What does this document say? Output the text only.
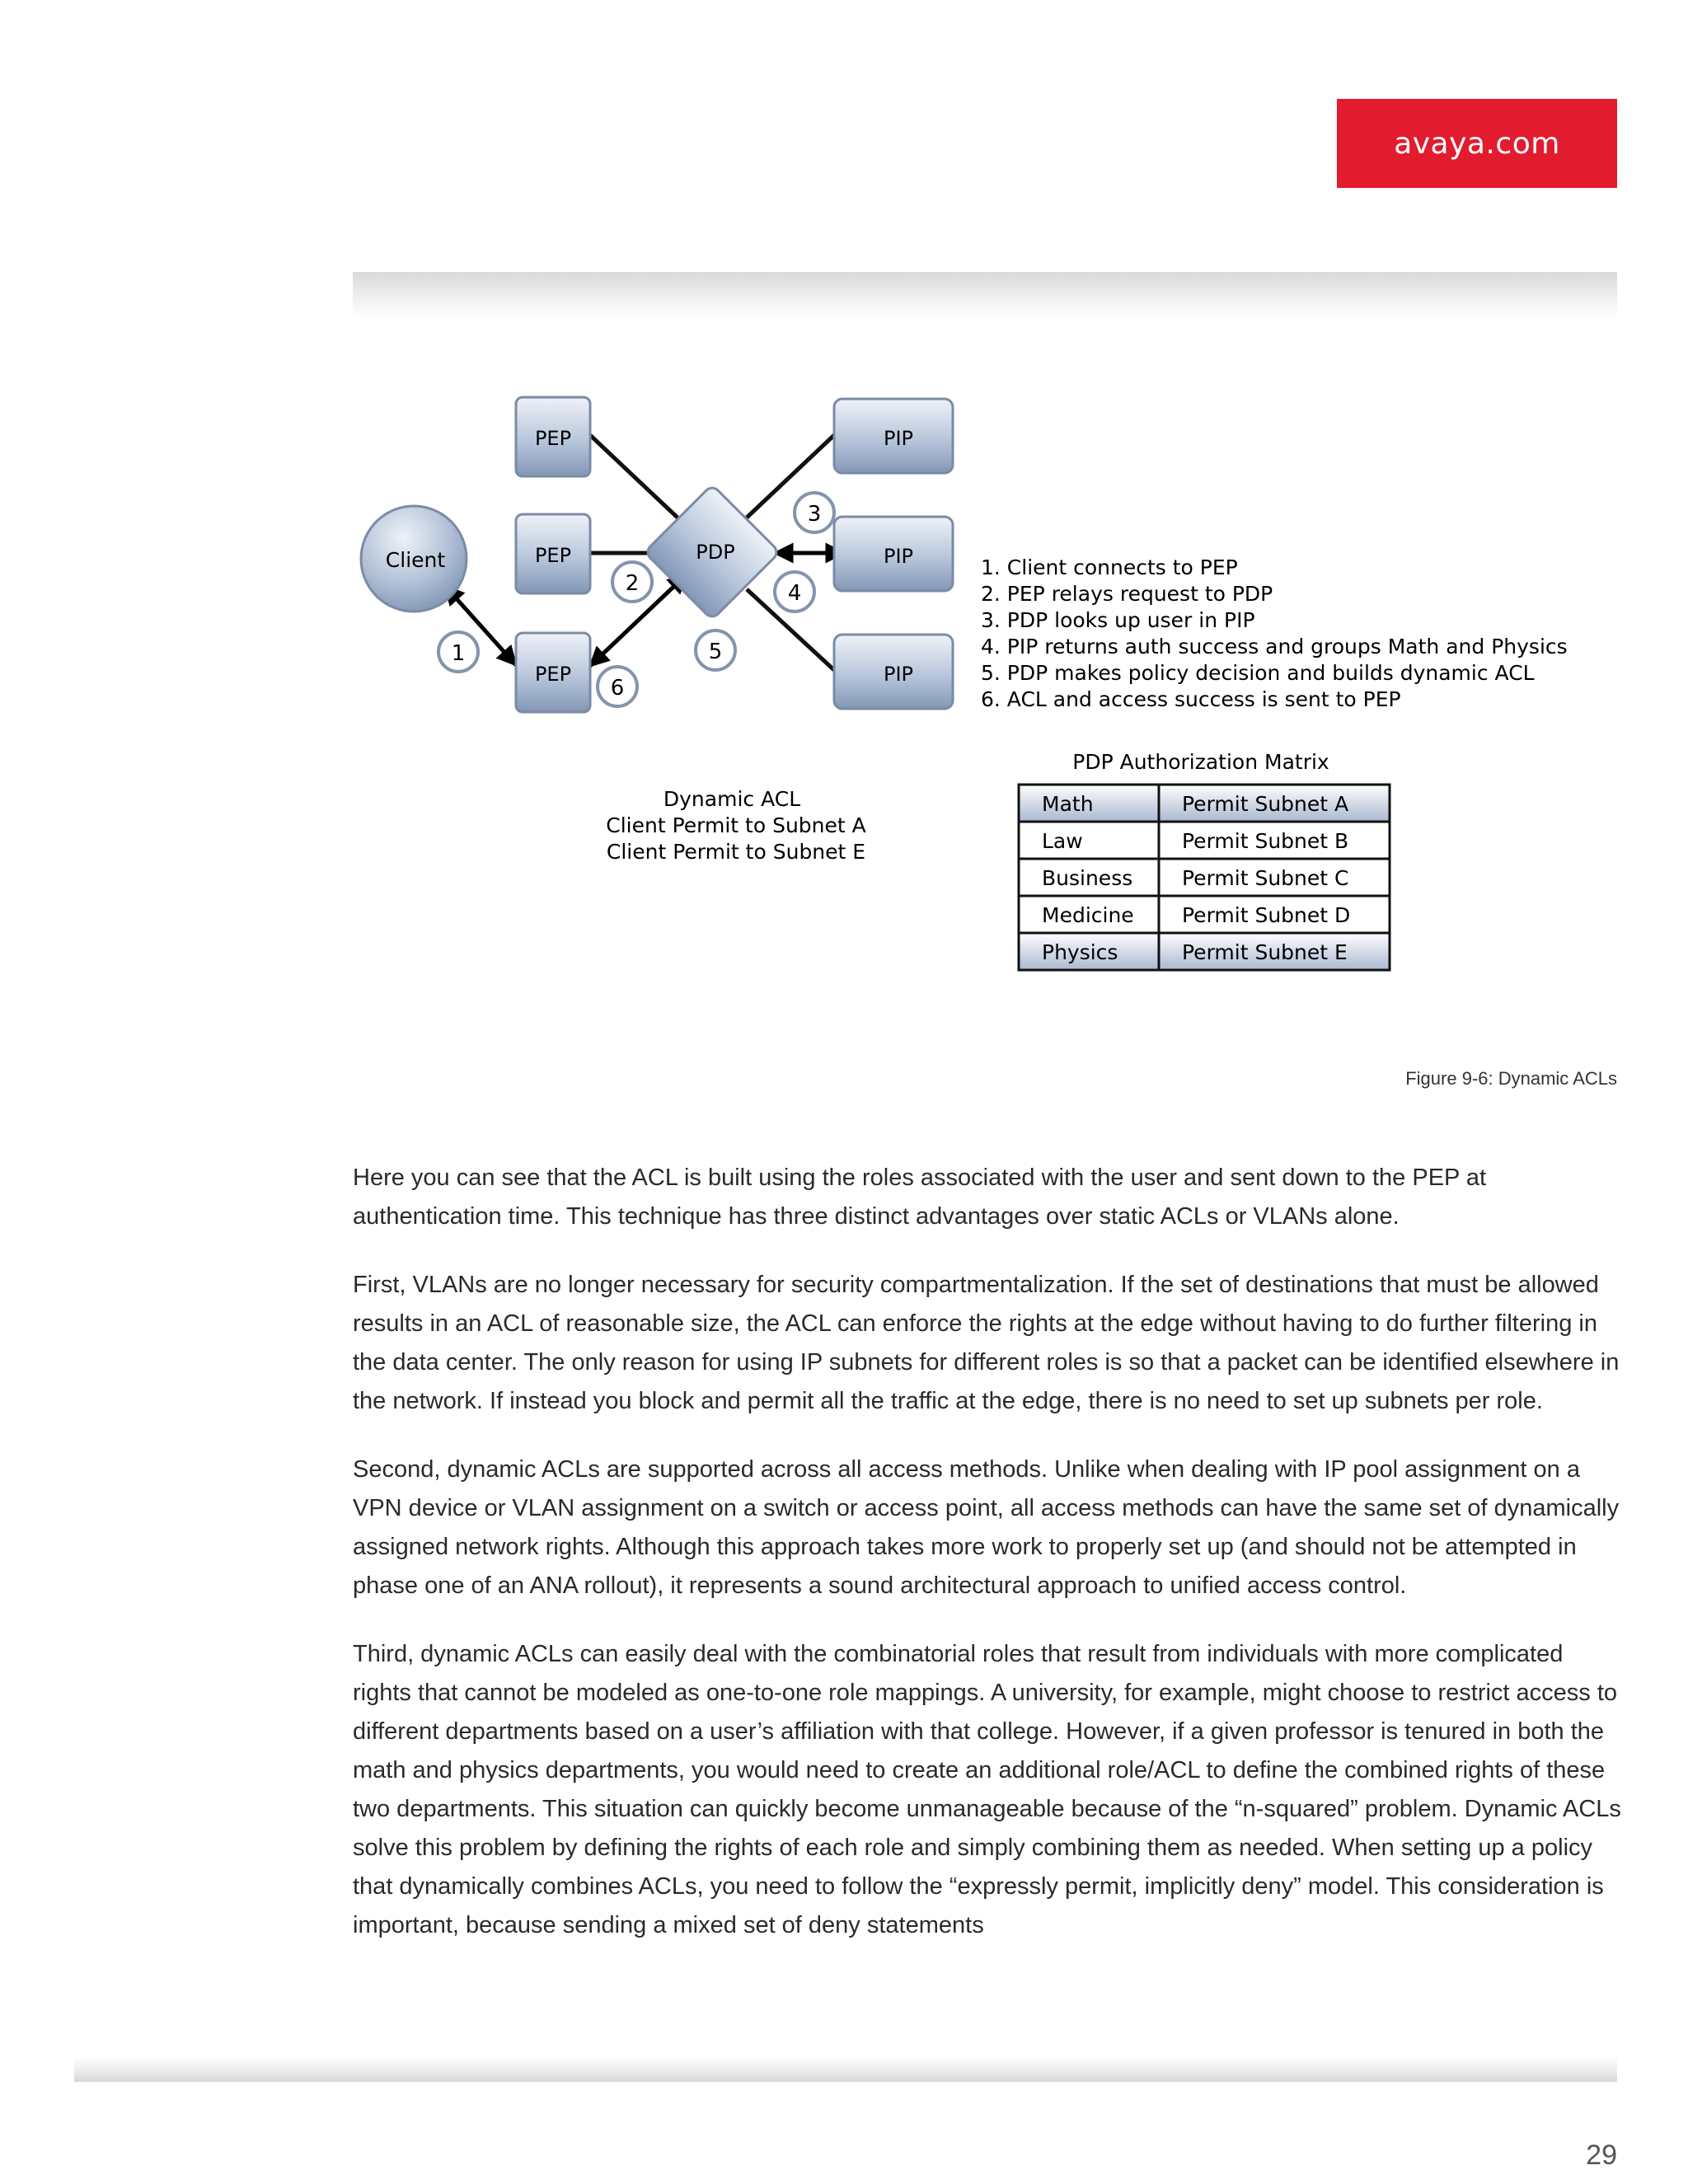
avaya.com
PEP
PEP
PEP
PIP
PIP
PIP
Client	PDP
1
2
3
4
5
6
1. Client connects to PEP
2. PEP relays request to PDP
3. PDP looks up user in PIP
4. PIP returns auth success and groups Math and Physics
5. PDP makes policy decision and builds dynamic ACL
6. ACL and access success is sent to PEP
Dynamic ACL
Client Permit to Subnet A
Client Permit to Subnet E
PDP Authorization Matrix
Math	Permit Subnet A
Law	Permit Subnet B
Business Permit Subnet C
Medicine Permit Subnet D
Physics	Permit Subnet E
Figure 9-6: Dynamic ACLs

Here you can see that the ACL is built using the roles associated with the user and sent down to the PEP at authentication time. This technique has three distinct advantages over static ACLs or VLANs alone.

First, VLANs are no longer necessary for security compartmentalization. If the set of destinations that must be allowed results in an ACL of reasonable size, the ACL can enforce the rights at the edge without having to do further filtering in the data center. The only reason for using IP subnets for different roles is so that a packet can be identified elsewhere in the network. If instead you block and permit all the traffic at the edge, there is no need to set up subnets per role.

Second, dynamic ACLs are supported across all access methods. Unlike when dealing with IP pool assignment on a VPN device or VLAN assignment on a switch or access point, all access methods can have the same set of dynamically assigned network rights. Although this approach takes more work to properly set up (and should not be attempted in phase one of an ANA rollout), it represents a sound architectural approach to unified access control.

Third, dynamic ACLs can easily deal with the combinatorial roles that result from individuals with more complicated rights that cannot be modeled as one-to-one role mappings. A university, for example, might choose to restrict access to different departments based on a user’s affiliation with that college. However, if a given professor is tenured in both the math and physics departments, you would need to create an additional role/ACL to define the combined rights of these two departments. This situation can quickly become unmanageable because of the “n-squared” problem. Dynamic ACLs solve this problem by defining the rights of each role and simply combining them as needed. When setting up a policy that dynamically combines ACLs, you need to follow the “expressly permit, implicitly deny” model. This consideration is important, because sending a mixed set of deny statements

29
